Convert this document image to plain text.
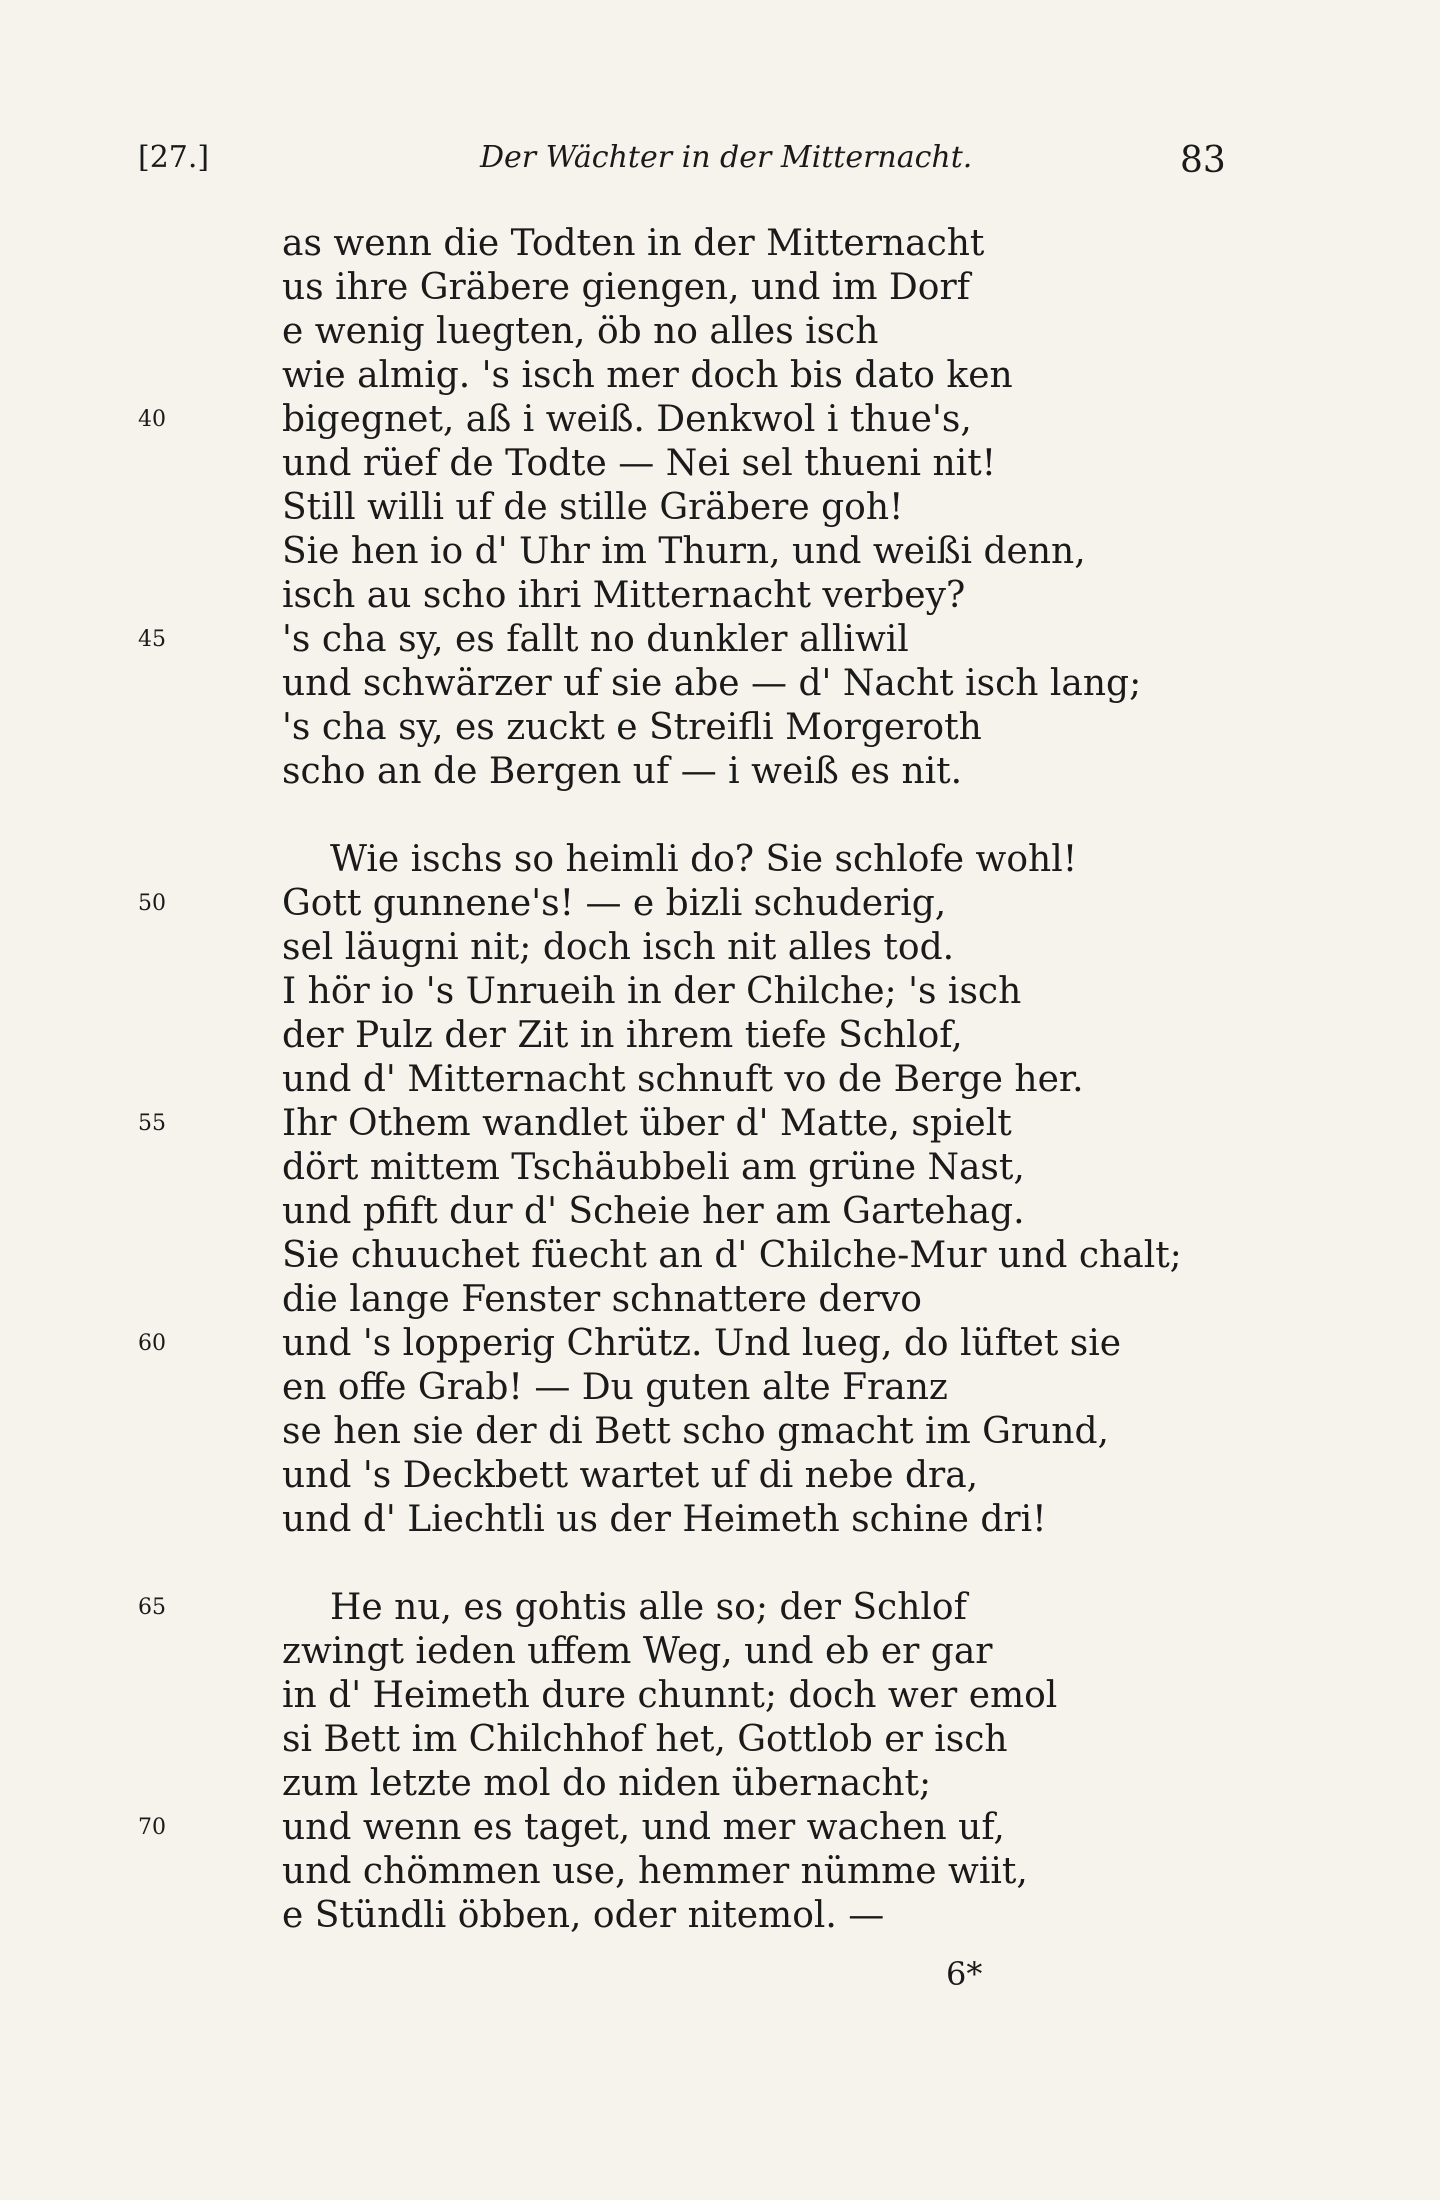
[27.]	Der Wächter in der Mitternacht.	83
as wenn die Todten in der Mitternacht
us ihre Gräbere giengen, und im Dorf
e wenig luegten, öb no alles isch
wie almig. 's isch mer doch bis dato ken
40	bigegnet, aß i weiß. Denkwol i thue's,
und rüef de Todte — Nei sel thueni nit!
Still willi uf de stille Gräbere goh!
Sie hen io d' Uhr im Thurn, und weißi denn,
isch au scho ihri Mitternacht verbey?
45	's cha sy, es fallt no dunkler alliwil
und schwärzer uf sie abe — d' Nacht isch lang;
's cha sy, es zuckt e Streifli Morgeroth
scho an de Bergen uf — i weiß es nit.
Wie ischs so heimli do? Sie schlofe wohl!
50	Gott gunnene's! — e bizli schuderig,
sel läugni nit; doch isch nit alles tod.
I hör io 's Unrueih in der Chilche; 's isch
der Pulz der Zit in ihrem tiefe Schlof,
und d' Mitternacht schnuft vo de Berge her.
55	Ihr Othem wandlet über d' Matte, spielt
dört mittem Tschäubbeli am grüne Nast,
und pfift dur d' Scheie her am Gartehag.
Sie chuuchet füecht an d' Chilche-Mur und chalt;
die lange Fenster schnattere dervo
60	und 's lopperig Chrütz. Und lueg, do lüftet sie
en offe Grab! — Du guten alte Franz
se hen sie der di Bett scho gmacht im Grund,
und 's Deckbett wartet uf di nebe dra,
und d' Liechtli us der Heimeth schine dri!
65	He nu, es gohtis alle so; der Schlof
zwingt ieden uffem Weg, und eb er gar
in d' Heimeth dure chunnt; doch wer emol
si Bett im Chilchhof het, Gottlob er isch
zum letzte mol do niden übernacht;
70	und wenn es taget, und mer wachen uf,
und chömmen use, hemmer nümme wiit,
e Stündli öbben, oder nitemol. —
6*
